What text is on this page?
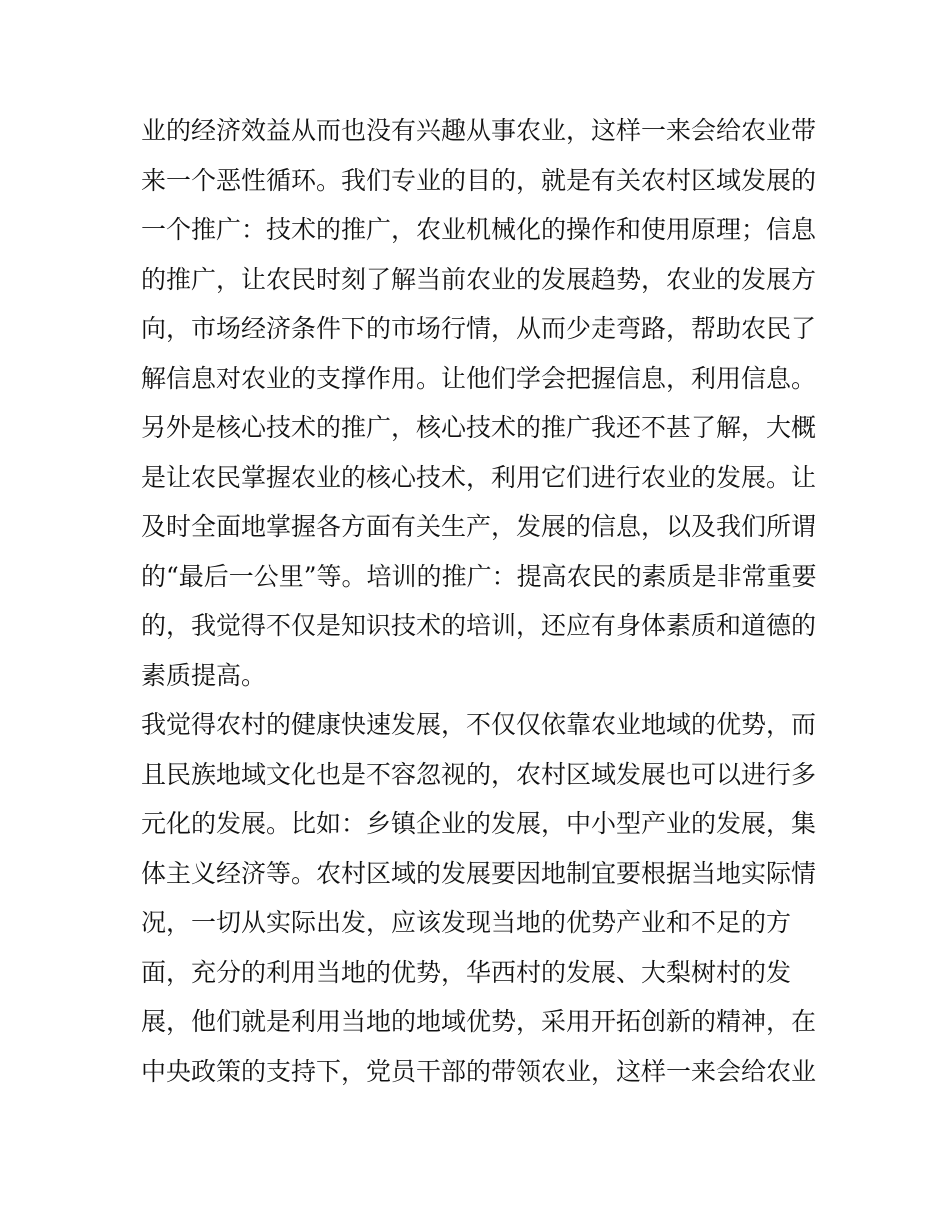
业的经济效益从而也没有兴趣从事农业，这样一来会给农业带
来一个恶性循环。我们专业的目的，就是有关农村区域发展的
一个推广：技术的推广，农业机械化的操作和使用原理；信息
的推广，让农民时刻了解当前农业的发展趋势，农业的发展方
向，市场经济条件下的市场行情，从而少走弯路，帮助农民了
解信息对农业的支撑作用。让他们学会把握信息，利用信息。
另外是核心技术的推广，核心技术的推广我还不甚了解，大概
是让农民掌握农业的核心技术，利用它们进行农业的发展。让
及时全面地掌握各方面有关生产，发展的信息，以及我们所谓
的“最后一公里”等。培训的推广：提高农民的素质是非常重要
的，我觉得不仅是知识技术的培训，还应有身体素质和道德的
素质提高。
我觉得农村的健康快速发展，不仅仅依靠农业地域的优势，而
且民族地域文化也是不容忽视的，农村区域发展也可以进行多
元化的发展。比如：乡镇企业的发展，中小型产业的发展，集
体主义经济等。农村区域的发展要因地制宜要根据当地实际情
况，一切从实际出发，应该发现当地的优势产业和不足的方
面，充分的利用当地的优势，华西村的发展、大梨树村的发
展，他们就是利用当地的地域优势，采用开拓创新的精神，在
中央政策的支持下，党员干部的带领农业，这样一来会给农业
